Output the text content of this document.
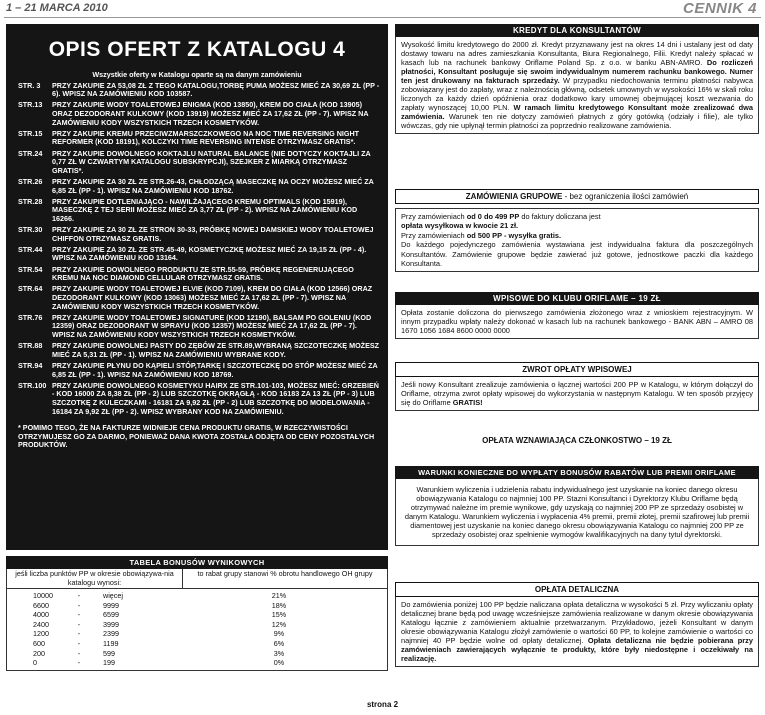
1 – 21 MARCA 2010	CENNIK 4
OPIS OFERT Z KATALOGU 4
Wszystkie oferty w Katalogu oparte są na danym zamówieniu
STR. 3	PRZY ZAKUPIE ZA 53,08 ZŁ Z TEGO KATALOGU,TORBĘ PUMA MOŻESZ MIEĆ ZA 30,69 ZŁ (PP - 6). WPISZ NA ZAMÓWIENIU KOD 103587.
STR.13	PRZY ZAKUPIE WODY TOALETOWEJ ENIGMA (KOD 13850), KREM DO CIAŁA (KOD 13905) ORAZ DEZODORANT KULKOWY (KOD 13919) MOŻESZ MIEĆ ZA 17,62 ZŁ (PP - 7). WPISZ NA ZAMÓWIENIU KODY WSZYSTKICH TRZECH KOSMETYKÓW.
STR.15	PRZY ZAKUPIE KREMU PRZECIWZMARSZCZKOWEGO NA NOC TIME REVERSING NIGHT REFORMER (KOD 18191), KOLCZYKI TIME REVERSING INTENSE OTRZYMASZ GRATIS*.
STR.24	PRZY ZAKUPIE DOWOLNEGO KOKTAJLU NATURAL BALANCE (NIE DOTYCZY KOKTAJLI ZA 0,77 ZŁ W CZWARTYM KATALOGU SUBSKRYPCJI), SZEJKER Z MIARKĄ OTRZYMASZ GRATIS*.
STR.26	PRZY ZAKUPIE ZA 30 ZŁ ZE STR.26-43, CHŁODZĄCĄ MASECZKĘ NA OCZY MOŻESZ MIEĆ ZA 6,85 ZŁ (PP - 1). WPISZ NA ZAMÓWIENIU KOD 18762.
STR.28	PRZY ZAKUPIE DOTLENIAJĄCO - NAWILŻAJĄCEGO KREMU OPTIMALS (KOD 15919), MASECZKĘ Z TEJ SERII MOŻESZ MIEĆ ZA 3,77 ZŁ (PP - 2). WPISZ NA ZAMÓWIENIU KOD 16266.
STR.30	PRZY ZAKUPIE ZA 30 ZŁ ZE STRON 30-33, PRÓBKĘ NOWEJ DAMSKIEJ WODY TOALETOWEJ CHIFFON OTRZYMASZ GRATIS.
STR.44	PRZY ZAKUPIE ZA 30 ZŁ ZE STR.45-49, KOSMETYCZKĘ MOŻESZ MIEĆ ZA 19,15 ZŁ (PP - 4). WPISZ NA ZAMÓWIENIU KOD 13164.
STR.54	PRZY ZAKUPIE DOWOLNEGO PRODUKTU ZE STR.55-59, PRÓBKĘ REGENERUJĄCEGO KREMU NA NOC DIAMOND CELLULAR OTRZYMASZ GRATIS.
STR.64	PRZY ZAKUPIE WODY TOALETOWEJ ELVIE (KOD 7109), KREM DO CIAŁA (KOD 12566) ORAZ DEZODORANT KULKOWY (KOD 13063) MOŻESZ MIEĆ ZA 17,62 ZŁ (PP - 7). WPISZ NA ZAMÓWIENIU KODY WSZYSTKICH TRZECH KOSMETYKÓW.
STR.76	PRZY ZAKUPIE WODY TOALETOWEJ SIGNATURE (KOD 12190), BALSAM PO GOLENIU (KOD 12359) ORAZ DEZODORANT W SPRAYU (KOD 12357) MOŻESZ MIEĆ ZA 17,62 ZŁ (PP - 7). WPISZ NA ZAMÓWIENIU KODY WSZYSTKICH TRZECH KOSMETYKÓW.
STR.88	PRZY ZAKUPIE DOWOLNEJ PASTY DO ZĘBÓW ZE STR.89,WYBRANĄ SZCZOTECZKĘ MOŻESZ MIEĆ ZA 5,31 ZŁ (PP - 1). WPISZ NA ZAMÓWIENIU WYBRANE KODY.
STR.94	PRZY ZAKUPIE PŁYNU DO KĄPIELI STÓP,TARKĘ I SZCZOTECZKĘ DO STÓP MOŻESZ MIEĆ ZA 6,85 ZŁ (PP - 1). WPISZ NA ZAMÓWIENIU KOD 18769.
STR.100 PRZY ZAKUPIE DOWOLNEGO KOSMETYKU HAIRX ZE STR.101-103, MOŻESZ MIEĆ: GRZEBIEŃ - KOD 16000 ZA 8,38 ZŁ (PP - 2) LUB SZCZOTKĘ OKRĄGŁĄ - KOD 16183 ZA 13 ZŁ (PP - 3) LUB SZCZOTKĘ Z KULECZKAMI - 16181 ZA 9,92 ZŁ (PP - 2) LUB SZCZOTKĘ DO MODELOWANIA - 16184 ZA 9,92 ZŁ (PP - 2). WPISZ WYBRANY KOD NA ZAMÓWIENIU.
* POMIMO TEGO, ŻE NA FAKTURZE WIDNIEJE CENA PRODUKTU GRATIS, W RZECZYWISTOŚCI OTRZYMUJESZ GO ZA DARMO, PONIEWAŻ DANA KWOTA ZOSTAŁA ODJĘTA OD CENY POZOSTAŁYCH PRODUKTÓW.
TABELA BONUSÓW WYNIKOWYCH
jeśli liczba punktów PP w okresie obowiązywa-nia katalogu wynosi:
to rabat grupy stanowi % obrotu handlowego OH grupy
10000	-	więcej	21%
6600	-	9999	18%
4000	-	6599	15%
2400	-	3999	12%
1200	-	2399	9%
600	-	1199	6%
200	-	599	3%
0	-	199	0%
strona 2
KREDYT DLA KONSULTANTÓW
Wysokość limitu kredytowego do 2000 zł. Kredyt przyznawany jest na okres 14 dni i ustalany jest od daty dostawy towaru na adres zamieszkania Konsultanta, Biura Regionalnego, Filii. Kredyt należy spłacać w kasach lub na rachunek bankowy Oriflame Poland Sp. z o.o. w banku ABN-AMRO. Do rozliczeń płatności, Konsultant posługuje się swoim indywidualnym numerem rachunku bankowego. Numer ten jest drukowany na fakturach sprzedaży. W przypadku niedochowania terminu płatności nabywca zobowiązany jest do zapłaty, wraz z należnością główną, odsetek umownych w wysokości 16% w skali roku liczonych za każdy dzień opóźnienia oraz dodatkowo kary umownej obejmującej koszt wezwania do zapłaty wynoszącej 10,00 PLN. W ramach limitu kredytowego Konsultant może zrealizować dwa zamówienia. Warunek ten nie dotyczy zamówień płatnych z góry gotówką (odziały i filie), ale tylko wówczas, gdy nie upłynął termin płatności za poprzednio realizowane zamówienia.
ZAMÓWIENIA GRUPOWE - bez ograniczenia ilości zamówień
Przy zamówieniach od 0 do 499 PP do faktury doliczana jest
opłata wysyłkowa w kwocie 21 zł.
Przy zamówieniach od 500 PP - wysyłka gratis.
Do każdego pojedynczego zamówienia wystawiana jest indywidualna faktura dla poszczególnych Konsultantów. Zamówienie grupowe będzie zawierać już gotowe, jednostkowe paczki dla każdego Konsultanta.
WPISOWE DO KLUBU ORIFLAME – 19 ZŁ
Opłata zostanie doliczona do pierwszego zamówienia złożonego wraz z wnioskiem rejestracyjnym. W innym przypadku wpłaty należy dokonać w kasach lub na rachunek bankowego - BANK ABN – AMRO 08 1670 1056 1684 8600 0000 0000
ZWROT OPŁATY WPISOWEJ
Jeśli nowy Konsultant zrealizuje zamówienia o łącznej wartości 200 PP w Katalogu, w którym dołączył do Oriflame, otrzyma zwrot opłaty wpisowej do wykorzystania w następnym Katalogu. W ten sposób przyjęcy się do Oriflame GRATIS!
OPŁATA WZNAWIAJĄCA CZŁONKOSTWO – 19 ZŁ
WARUNKI KONIECZNE DO WYPŁATY BONUSÓW RABATÓW LUB PREMII ORIFLAME
Warunkiem wyliczenia i udzielenia rabatu indywidualnego jest uzyskanie na koniec danego okresu obowiązywania Katalogu co najmniej 100 PP. Stazni Konsultanci i Dyrektorzy Klubu Oriflame będą otrzymywać należne im premie wynikowe, gdy uzyskają co najmniej 200 PP ze sprzedaży osobistej w danym Katalogu. Warunkiem wyliczenia i wypłacenia 4% premii, premii złotej, premii szafirowej lub premii diamentowej jest uzyskanie na koniec danego okresu obowiązywania Katalogu co najmniej 200 PP ze sprzedaży osobistej oraz spełnienie wymogów kwalifikacyjnych na dany tytuł dyrektorski.
OPŁATA DETALICZNA
Do zamówienia poniżej 100 PP będzie naliczana opłata detaliczna w wysokości 5 zł. Przy wyliczaniu opłaty detalicznej brane będą pod uwagę wcześniejsze zamówienia realizowane w danym okresie obowiązywania Katalogu łącznie z zamówieniem aktualnie przetwarzanym. Przykładowo, jeżeli Konsultant w danym okresie obowiązywania Katalogu złożył zamówienie o wartości 60 PP, to kolejne zamówienie o wartości co najmniej 40 PP będzie wolne od opłaty detalicznej. Opłata detaliczna nie będzie pobierana przy zamówieniach zawierających wyłącznie te produkty, które były niedostępne i oczekiwały na realizację.
